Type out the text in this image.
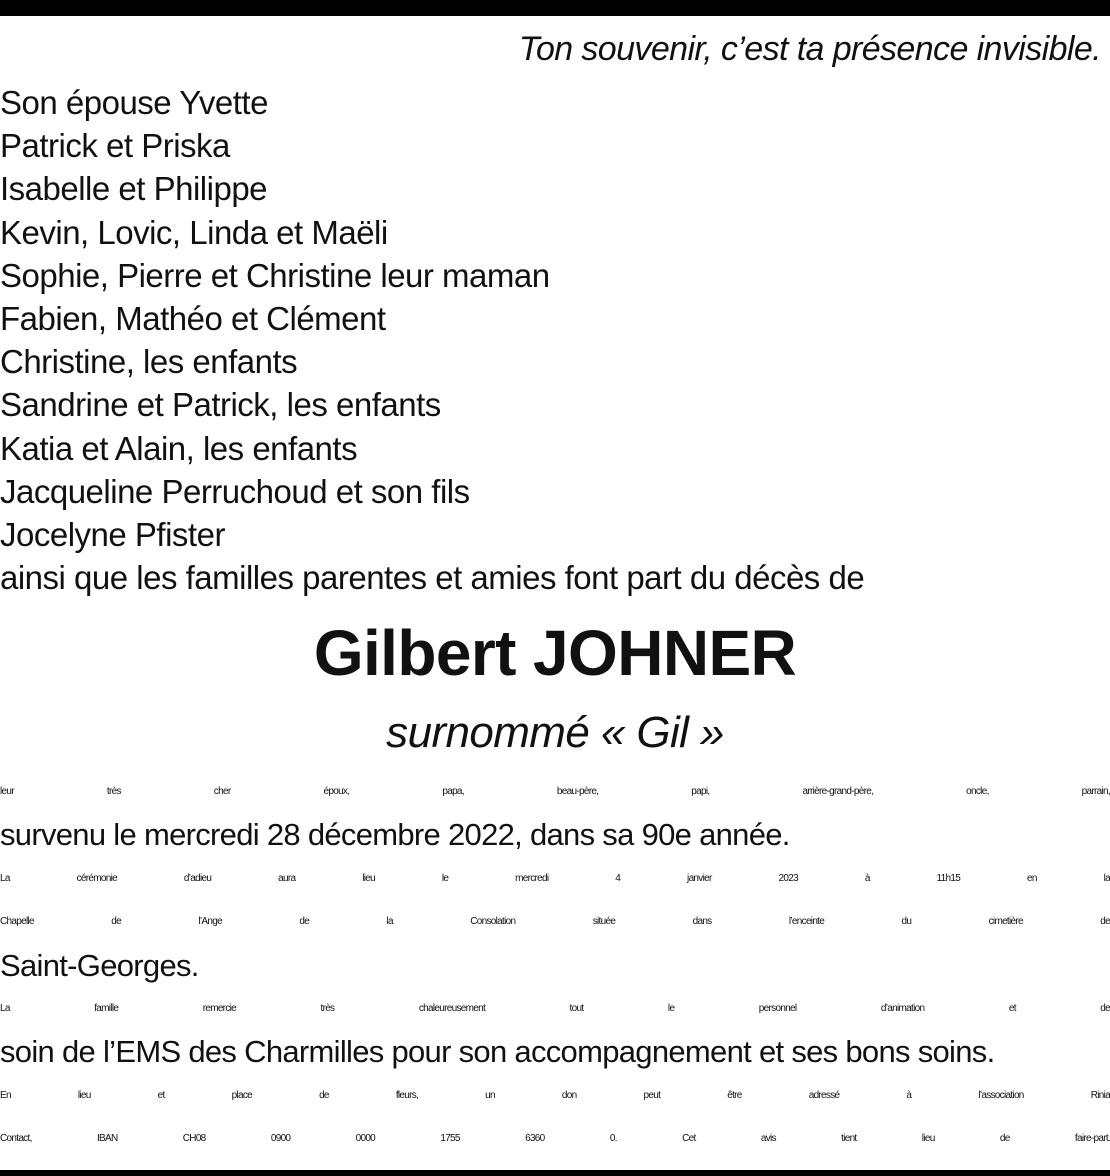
Ton souvenir, c’est ta présence invisible.
Son épouse Yvette
Patrick et Priska
Isabelle et Philippe
Kevin, Lovic, Linda et Maëli
Sophie, Pierre et Christine leur maman
Fabien, Mathéo et Clément
Christine, les enfants
Sandrine et Patrick, les enfants
Katia et Alain, les enfants
Jacqueline Perruchoud et son fils
Jocelyne Pfister
ainsi que les familles parentes et amies font part du décès de
Gilbert JOHNER
surnommé « Gil »
leur très cher époux, papa, beau-père, papi, arrière-grand-père, oncle, parrain,
survenu le mercredi 28 décembre 2022, dans sa 90e année.
La cérémonie d’adieu aura lieu le mercredi 4 janvier 2023 à 11h15 en la
Chapelle de l’Ange de la Consolation située dans l’enceinte du cimetière de
Saint-Georges.
La famille remercie très chaleureusement tout le personnel d’animation et de
soin de l’EMS des Charmilles pour son accompagnement et ses bons soins.
En lieu et place de fleurs, un don peut être adressé à l’association Rinia
Contact, IBAN CH08 0900 0000 1755 6360 0. Cet avis tient lieu de faire-part.
